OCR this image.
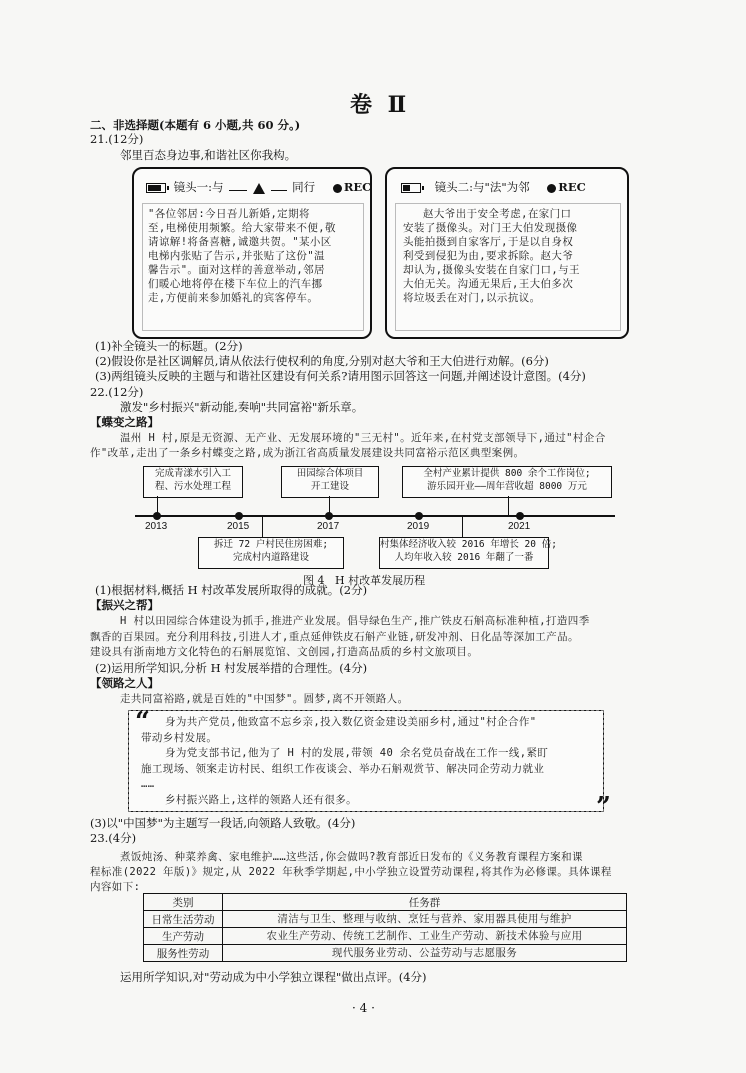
卷 Ⅱ
二、非选择题(本题有 6 小题,共 60 分。)
21.(12分)
邻里百态身边事,和谐社区你我构。
镜头一:与	同行 REC
"各位邻居:今日吾儿新婚,定期将
至,电梯使用频繁。给大家带来不便,敬
请谅解!将备喜糖,诚邀共贺。"某小区
电梯内张贴了告示,并张贴了这份"温
馨告示"。面对这样的善意举动,邻居
们暖心地将停在楼下车位上的汽车挪
走,方便前来参加婚礼的宾客停车。
镜头二:与"法"为邻 REC
赵大爷出于安全考虑,在家门口
安装了摄像头。对门王大伯发现摄像
头能拍摄到自家客厅,于是以自身权
利受到侵犯为由,要求拆除。赵大爷
却认为,摄像头安装在自家门口,与王
大伯无关。沟通无果后,王大伯多次
将垃圾丢在对门,以示抗议。
(1)补全镜头一的标题。(2分)
(2)假设你是社区调解员,请从依法行使权利的角度,分别对赵大爷和王大伯进行劝解。(6分)
(3)两组镜头反映的主题与和谐社区建设有何关系?请用图示回答这一问题,并阐述设计意图。(4分)
22.(12分)
激发"乡村振兴"新动能,奏响"共同富裕"新乐章。
【蝶变之路】
温州 H 村,原是无资源、无产业、无发展环境的"三无村"。近年来,在村党支部领导下,通过"村企合
作"改革,走出了一条乡村蝶变之路,成为浙江省高质量发展建设共同富裕示范区典型案例。
完成青漾水引入工
程、污水处理工程
田园综合体项目
开工建设
全村产业累计提供 800 余个工作岗位;
游乐园开业——周年营收超 8000 万元
2013	2015	2017	2019	2021
拆迁 72 户村民住房困难;
完成村内道路建设
村集体经济收入较 2016 年增长 20 倍;
人均年收入较 2016 年翻了一番
图 4   H 村改革发展历程
(1)根据材料,概括 H 村改革发展所取得的成就。(2分)
【振兴之帮】
H 村以田园综合体建设为抓手,推进产业发展。倡导绿色生产,推广铁皮石斛高标准种植,打造四季
飘香的百果园。充分利用科技,引进人才,重点延伸铁皮石斛产业链,研发冲剂、日化品等深加工产品。
建设具有浙南地方文化特色的石斛展览馆、文创园,打造高品质的乡村文旅项目。
(2)运用所学知识,分析 H 村发展举措的合理性。(4分)
【领路之人】
走共同富裕路,就是百姓的"中国梦"。圆梦,离不开领路人。
“	身为共产党员,他致富不忘乡亲,投入数亿资金建设美丽乡村,通过"村企合作"
带动乡村发展。
身为党支部书记,他为了 H 村的发展,带领 40 余名党员奋战在工作一线,紧盯
施工现场、领案走访村民、组织工作夜谈会、举办石斛观赏节、解决同企劳动力就业
……
乡村振兴路上,这样的领路人还有很多。	”
(3)以"中国梦"为主题写一段话,向领路人致敬。(4分)
23.(4分)
煮饭炖汤、种菜养禽、家电维护……这些活,你会做吗?教育部近日发布的《义务教育课程方案和课
程标准(2022 年版)》规定,从 2022 年秋季学期起,中小学独立设置劳动课程,将其作为必修课。具体课程
内容如下:
类别	任务群
日常生活劳动	清洁与卫生、整理与收纳、烹饪与营养、家用器具使用与维护
生产劳动	农业生产劳动、传统工艺制作、工业生产劳动、新技术体验与应用
服务性劳动	现代服务业劳动、公益劳动与志愿服务
运用所学知识,对"劳动成为中小学独立课程"做出点评。(4分)
· 4 ·
